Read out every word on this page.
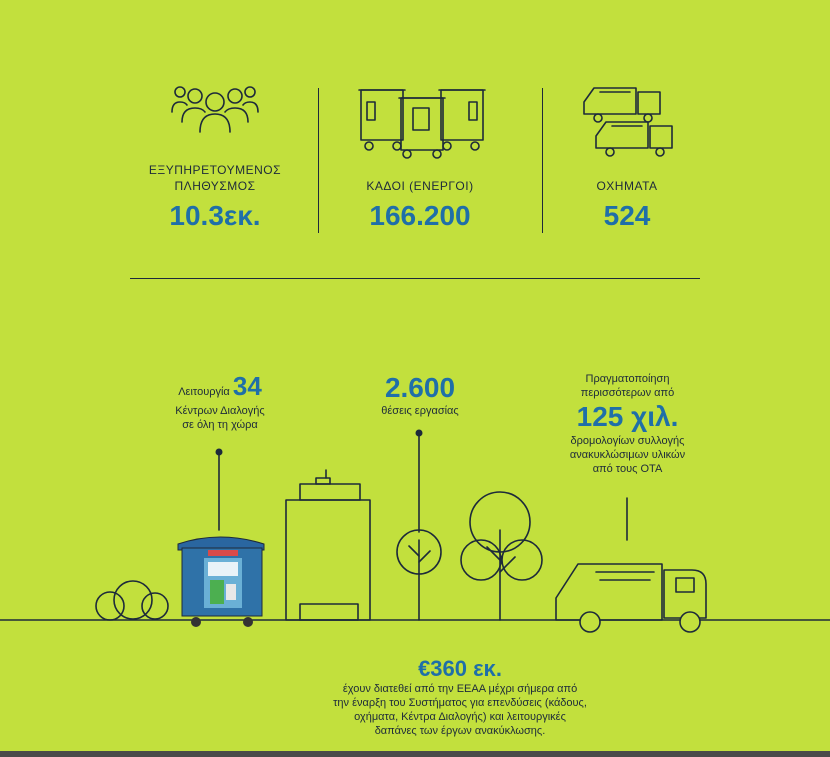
ΕΞΥΠΗΡΕΤΟΥΜΕΝΟΣ
ΠΛΗΘΥΣΜΟΣ
10.3εκ.
ΚΑΔΟΙ (ΕΝΕΡΓΟΙ)
166.200
ΟΧΗΜΑΤΑ
524
Λειτουργία 34
Κέντρων Διαλογής
σε όλη τη χώρα
2.600
θέσεις εργασίας
Πραγματοποίηση
περισσότερων από
125 χιλ.
δρομολογίων συλλογής
ανακυκλώσιμων υλικών
από τους ΟΤΑ
€360 εκ.
έχουν διατεθεί από την ΕΕΑΑ μέχρι σήμερα από
την έναρξη του Συστήματος για επενδύσεις (κάδους,
οχήματα, Κέντρα Διαλογής) και λειτουργικές
δαπάνες των έργων ανακύκλωσης.
